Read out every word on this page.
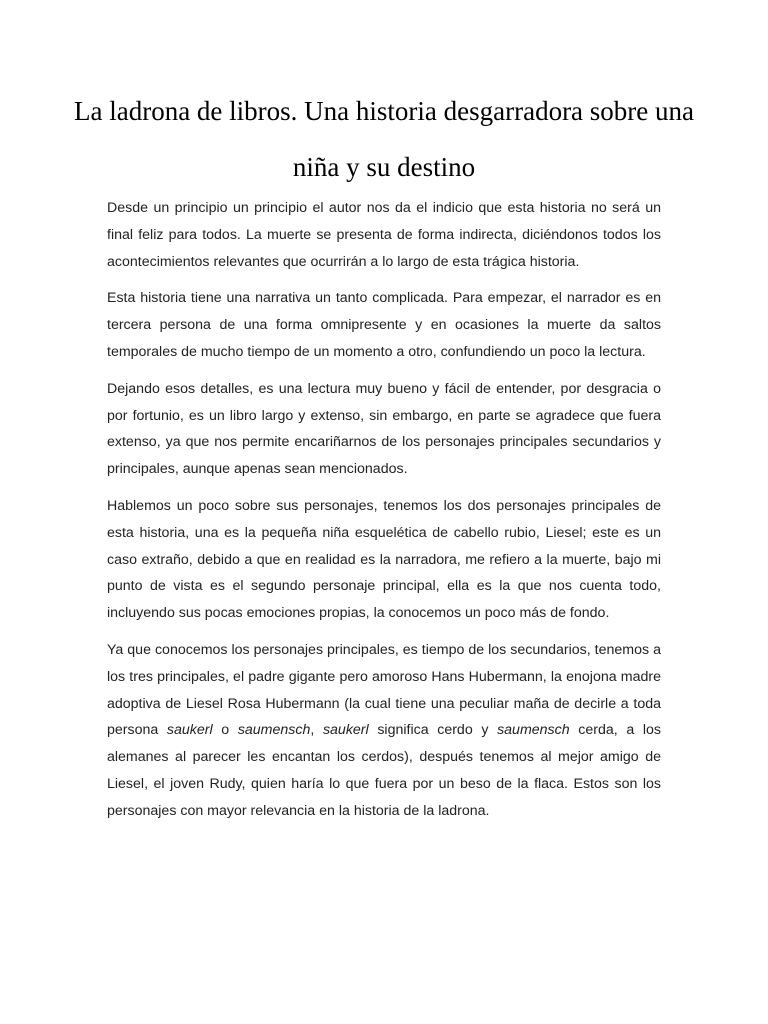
La ladrona de libros. Una historia desgarradora sobre una niña y su destino

Desde un principio un principio el autor nos da el indicio que esta historia no será un final feliz para todos. La muerte se presenta de forma indirecta, diciéndonos todos los acontecimientos relevantes que ocurrirán a lo largo de esta trágica historia.

Esta historia tiene una narrativa un tanto complicada. Para empezar, el narrador es en tercera persona de una forma omnipresente y en ocasiones la muerte da saltos temporales de mucho tiempo de un momento a otro, confundiendo un poco la lectura.

Dejando esos detalles, es una lectura muy bueno y fácil de entender, por desgracia o por fortunio, es un libro largo y extenso, sin embargo, en parte se agradece que fuera extenso, ya que nos permite encariñarnos de los personajes principales secundarios y principales, aunque apenas sean mencionados.

Hablemos un poco sobre sus personajes, tenemos los dos personajes principales de esta historia, una es la pequeña niña esquelética de cabello rubio, Liesel; este es un caso extraño, debido a que en realidad es la narradora, me refiero a la muerte, bajo mi punto de vista es el segundo personaje principal, ella es la que nos cuenta todo, incluyendo sus pocas emociones propias, la conocemos un poco más de fondo.

Ya que conocemos los personajes principales, es tiempo de los secundarios, tenemos a los tres principales, el padre gigante pero amoroso Hans Hubermann, la enojona madre adoptiva de Liesel Rosa Hubermann (la cual tiene una peculiar maña de decirle a toda persona saukerl o saumensch, saukerl significa cerdo y saumensch cerda, a los alemanes al parecer les encantan los cerdos), después tenemos al mejor amigo de Liesel, el joven Rudy, quien haría lo que fuera por un beso de la flaca. Estos son los personajes con mayor relevancia en la historia de la ladrona.
